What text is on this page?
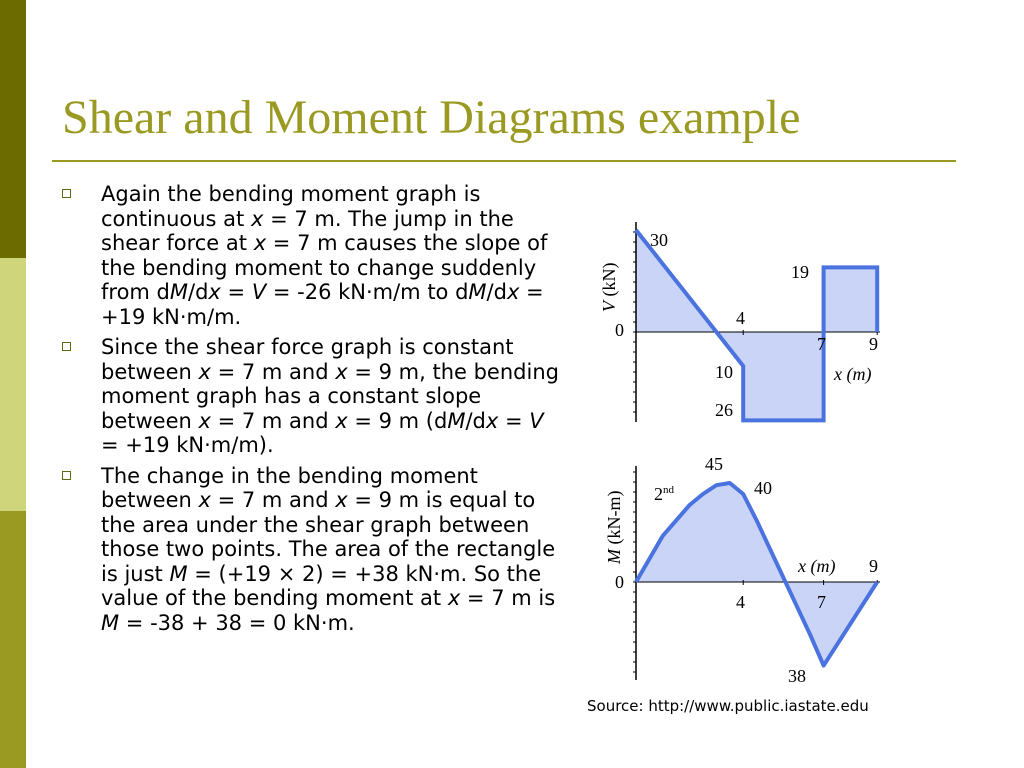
Shear and Moment Diagrams example
Again the bending moment graph is continuous at x = 7 m. The jump in the shear force at x = 7 m causes the slope of the bending moment to change suddenly from dM/dx = V = -26 kN·m/m to dM/dx = +19 kN·m/m.
Since the shear force graph is constant between x = 7 m and x = 9 m, the bending moment graph has a constant slope between x = 7 m and x = 9 m (dM/dx = V = +19 kN·m/m).
The change in the bending moment between x = 7 m and x = 9 m is equal to the area under the shear graph between those two points. The area of the rectangle is just M = (+19 × 2) = +38 kN·m. So the value of the bending moment at x = 7 m is M = -38 + 38 = 0 kN·m.
V (kN)
30
19
0
4
7 9
10
26
x (m)
M (kN-m) 2nd
45
40
0
x (m) 9
4	7
38
Source: http://www.public.iastate.edu
